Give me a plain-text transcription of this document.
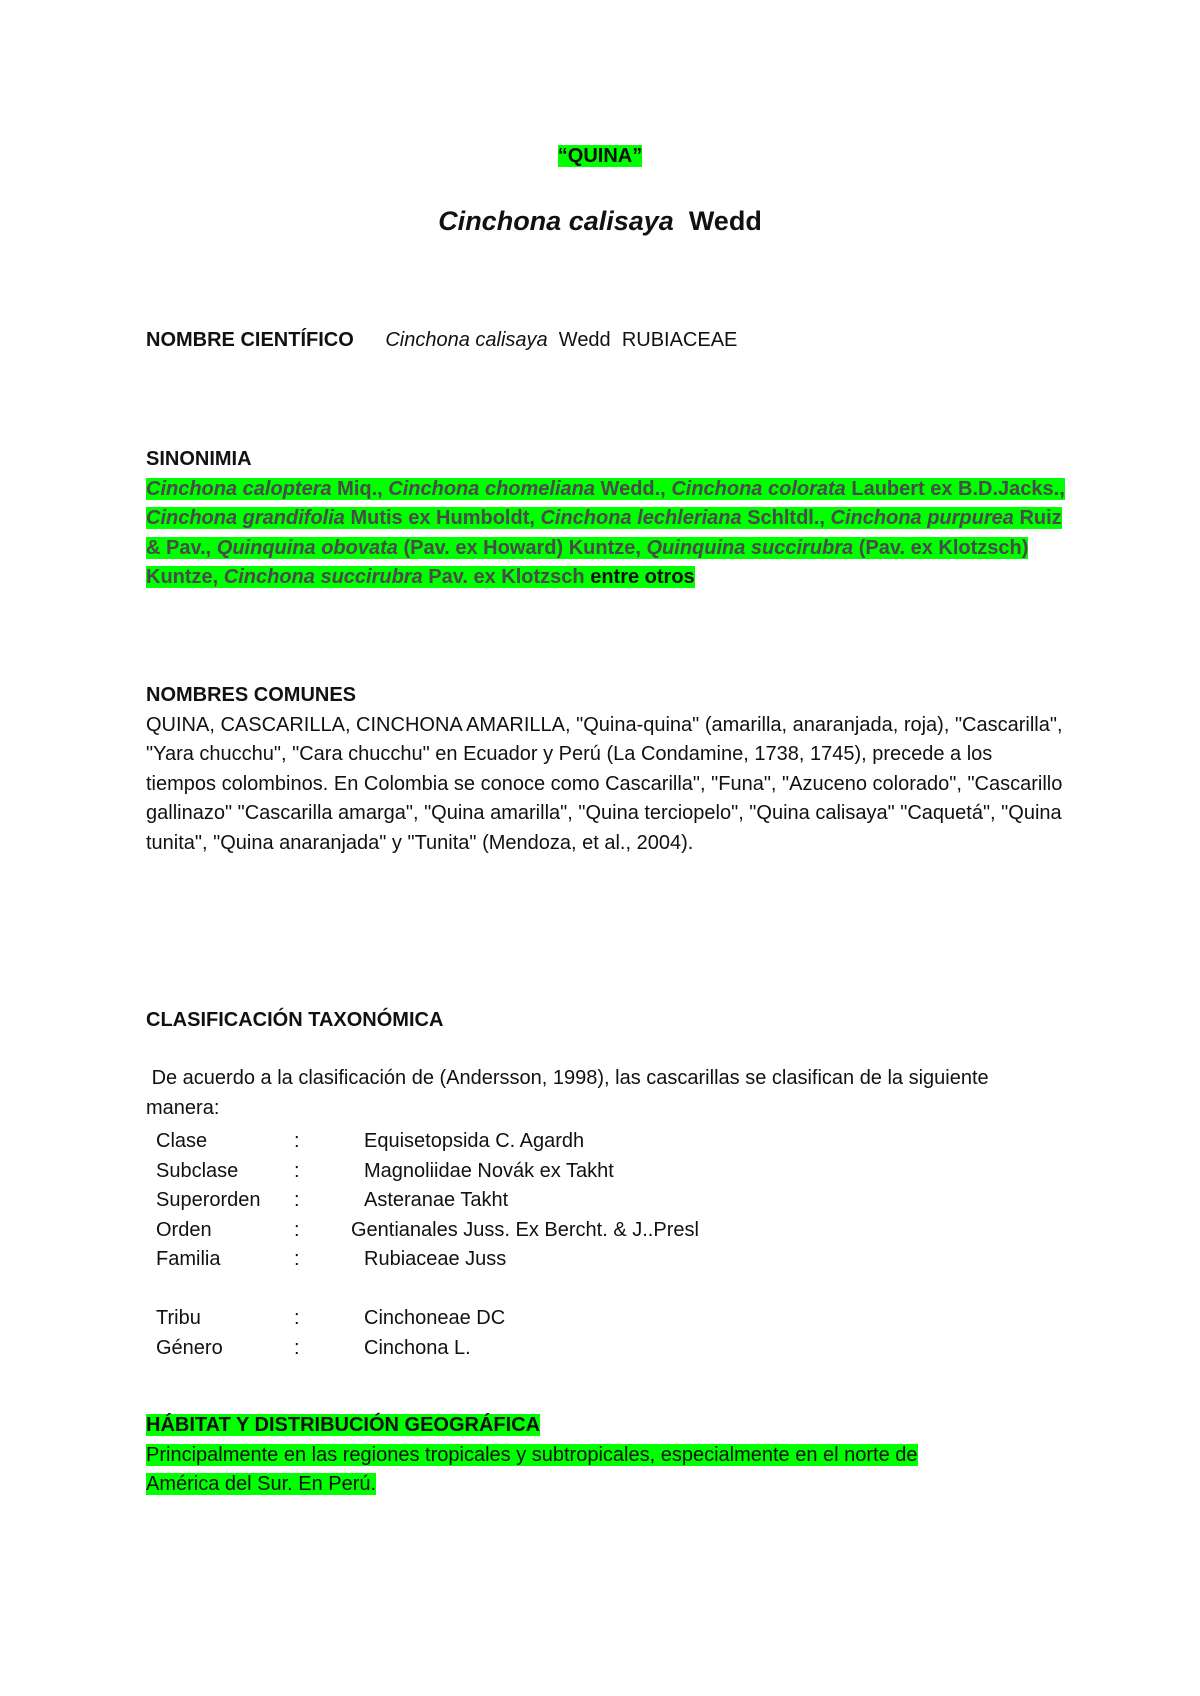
“QUINA”
Cinchona calisaya Wedd
NOMBRE CIENTÍFICO Cinchona calisaya Wedd RUBIACEAE
SINONIMIA
Cinchona caloptera Miq., Cinchona chomeliana Wedd., Cinchona colorata Laubert ex B.D.Jacks., Cinchona grandifolia Mutis ex Humboldt, Cinchona lechleriana Schltdl., Cinchona purpurea Ruiz & Pav., Quinquina obovata (Pav. ex Howard) Kuntze, Quinquina succirubra (Pav. ex Klotzsch) Kuntze, Cinchona succirubra Pav. ex Klotzsch entre otros
NOMBRES COMUNES
QUINA, CASCARILLA, CINCHONA AMARILLA, "Quina-quina" (amarilla, anaranjada, roja), "Cascarilla", "Yara chucchu", "Cara chucchu" en Ecuador y Perú (La Condamine, 1738, 1745), precede a los tiempos colombinos. En Colombia se conoce como Cascarilla", "Funa", "Azuceno colorado", "Cascarillo gallinazo" "Cascarilla amarga", "Quina amarilla", "Quina terciopelo", "Quina calisaya" "Caquetá", "Quina tunita", "Quina anaranjada" y "Tunita" (Mendoza, et al., 2004).
CLASIFICACIÓN TAXONÓMICA
De acuerdo a la clasificación de (Andersson, 1998), las cascarillas se clasifican de la siguiente manera:
Clase	:	Equisetopsida C. Agardh
Subclase	:	Magnoliidae Novák ex Takht
Superorden	:	Asteranae Takht
Orden	:	Gentianales Juss. Ex Bercht. & J..Presl
Familia	:	Rubiaceae Juss

Tribu	:	Cinchoneae DC
Género	:	Cinchona L.
HÁBITAT Y DISTRIBUCIÓN GEOGRÁFICA
Principalmente en las regiones tropicales y subtropicales, especialmente en el norte de
América del Sur. En Perú.
